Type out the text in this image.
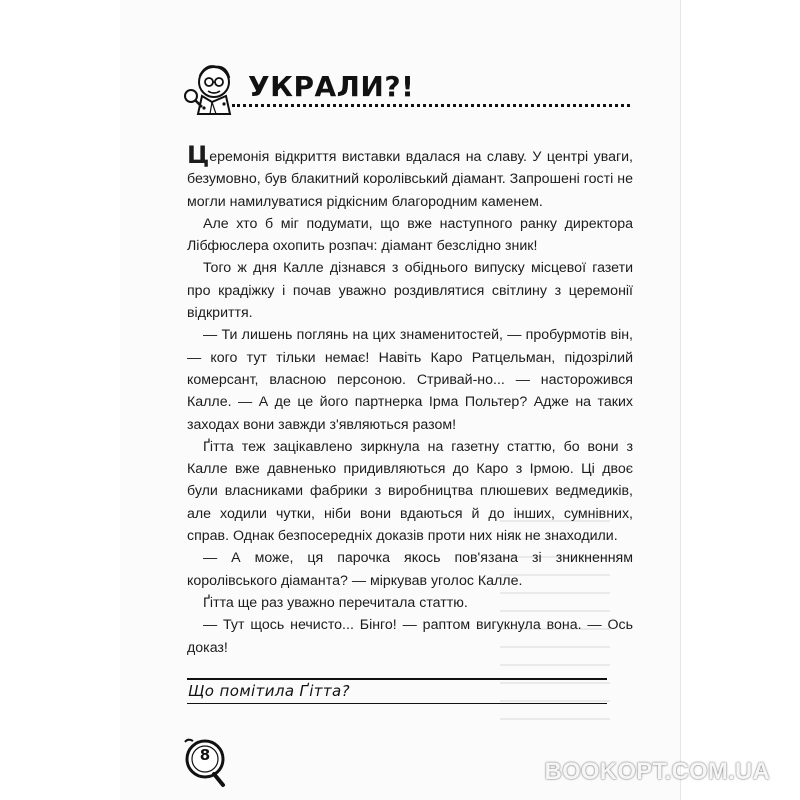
УКРАЛИ?!

Церемонія відкриття виставки вдалася на славу. У центрі уваги, безумовно, був блакитний королівський діамант. Запрошені гості не могли намилуватися рідкісним благородним каменем.

Але хто б міг подумати, що вже наступного ранку директора Лібфюслера охопить розпач: діамант безслідно зник!

Того ж дня Калле дізнався з обіднього випуску місцевої газети про крадіжку і почав уважно роздивлятися світлину з церемонії відкриття.

— Ти лишень поглянь на цих знаменитостей, — пробурмотів він, — кого тут тільки немає! Навіть Каро Ратцельман, підозрілий комерсант, власною персоною. Стривай-но... — насторожився Калле. — А де це його партнерка Ірма Польтер? Адже на таких заходах вони завжди з'являються разом!

Ґітта теж зацікавлено зиркнула на газетну статтю, бо вони з Калле вже давненько придивляються до Каро з Ірмою. Ці двоє були власниками фабрики з виробництва плюшевих ведмедиків, але ходили чутки, ніби вони вдаються й до інших, сумнівних, справ. Однак безпосередніх доказів проти них ніяк не знаходили.

— А може, ця парочка якось пов'язана зі зникненням королівського діаманта? — міркував уголос Калле.

Ґітта ще раз уважно перечитала статтю.

— Тут щось нечисто... Бінго! — раптом вигукнула вона. — Ось доказ!

Що помітила Ґітта?
8
BOOKOPT.COM.UA
